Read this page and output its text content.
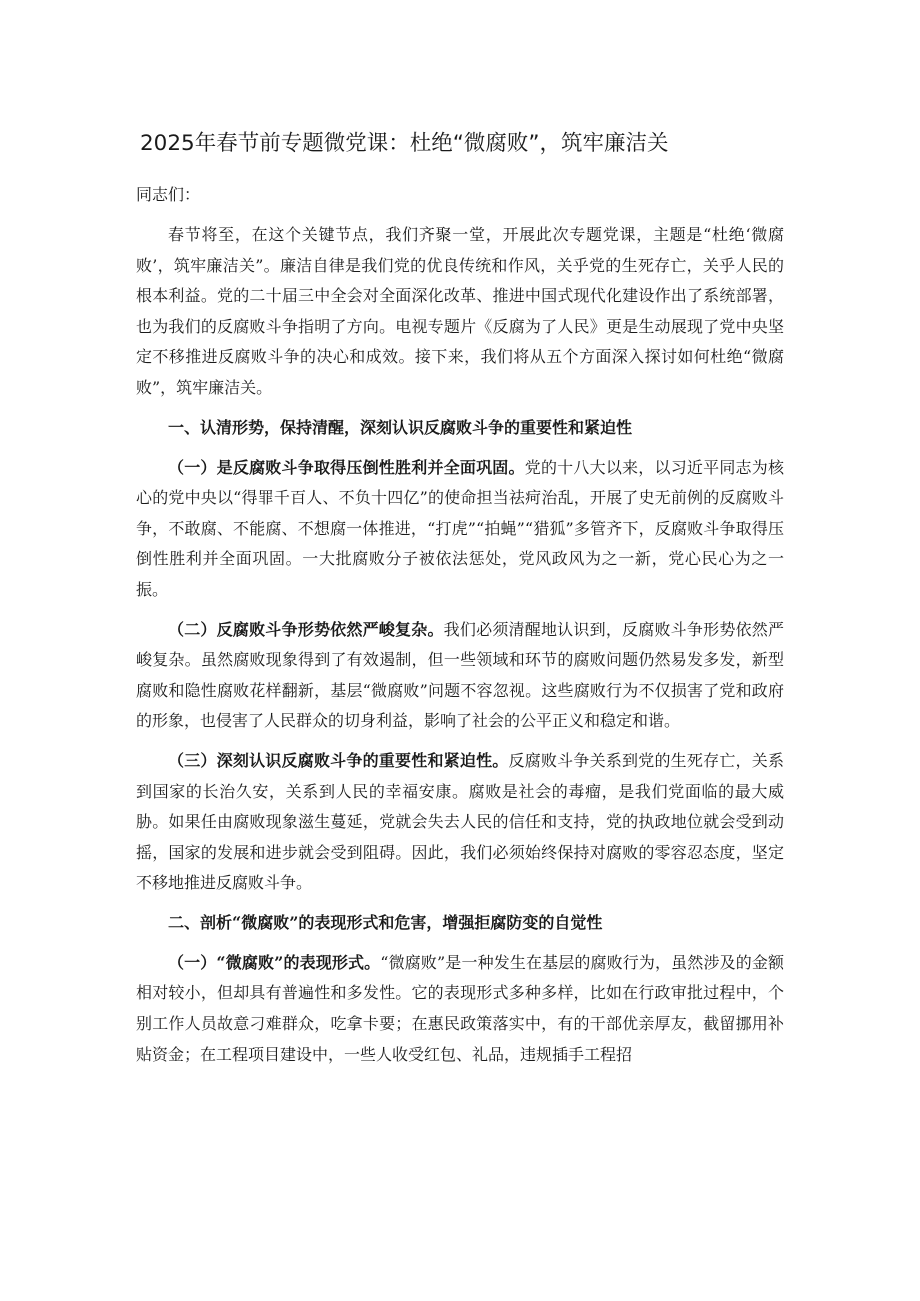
2025年春节前专题微党课：杜绝“微腐败”，筑牢廉洁关
同志们：
春节将至，在这个关键节点，我们齐聚一堂，开展此次专题党课，主题是“杜绝‘微腐败’，筑牢廉洁关”。廉洁自律是我们党的优良传统和作风，关乎党的生死存亡，关乎人民的根本利益。党的二十届三中全会对全面深化改革、推进中国式现代化建设作出了系统部署，也为我们的反腐败斗争指明了方向。电视专题片《反腐为了人民》更是生动展现了党中央坚定不移推进反腐败斗争的决心和成效。接下来，我们将从五个方面深入探讨如何杜绝“微腐败”，筑牢廉洁关。
一、认清形势，保持清醒，深刻认识反腐败斗争的重要性和紧迫性
（一）是反腐败斗争取得压倒性胜利并全面巩固。党的十八大以来，以习近平同志为核心的党中央以“得罪千百人、不负十四亿”的使命担当祛疴治乱，开展了史无前例的反腐败斗争，不敢腐、不能腐、不想腐一体推进，“打虎”“拍蝇”“猎狐”多管齐下，反腐败斗争取得压倒性胜利并全面巩固。一大批腐败分子被依法惩处，党风政风为之一新，党心民心为之一振。
（二）反腐败斗争形势依然严峻复杂。我们必须清醒地认识到，反腐败斗争形势依然严峻复杂。虽然腐败现象得到了有效遏制，但一些领域和环节的腐败问题仍然易发多发，新型腐败和隐性腐败花样翻新，基层“微腐败”问题不容忽视。这些腐败行为不仅损害了党和政府的形象，也侵害了人民群众的切身利益，影响了社会的公平正义和稳定和谐。
（三）深刻认识反腐败斗争的重要性和紧迫性。反腐败斗争关系到党的生死存亡，关系到国家的长治久安，关系到人民的幸福安康。腐败是社会的毒瘤，是我们党面临的最大威胁。如果任由腐败现象滋生蔓延，党就会失去人民的信任和支持，党的执政地位就会受到动摇，国家的发展和进步就会受到阻碍。因此，我们必须始终保持对腐败的零容忍态度，坚定不移地推进反腐败斗争。
二、剖析“微腐败”的表现形式和危害，增强拒腐防变的自觉性
（一）“微腐败”的表现形式。“微腐败”是一种发生在基层的腐败行为，虽然涉及的金额相对较小，但却具有普遍性和多发性。它的表现形式多种多样，比如在行政审批过程中，个别工作人员故意刁难群众，吃拿卡要；在惠民政策落实中，有的干部优亲厚友，截留挪用补贴资金；在工程项目建设中，一些人收受红包、礼品，违规插手工程招
